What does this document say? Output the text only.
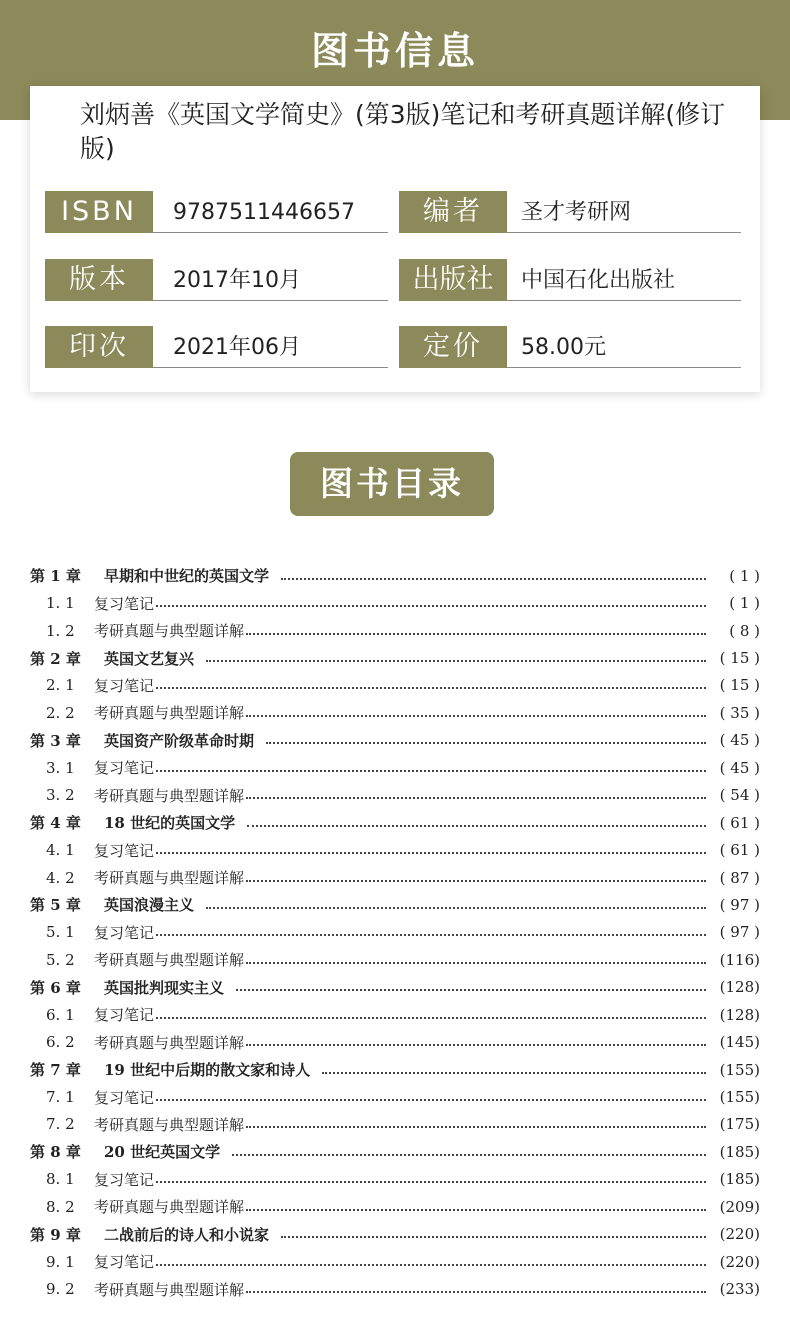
图书信息
刘炳善《英国文学简史》(第3版)笔记和考研真题详解(修订版)
ISBN	9787511446657	编者	圣才考研网
版本	2017年10月	出版社	中国石化出版社
印次	2021年06月	定价	58.00元
图书目录
第 1 章	早期和中世纪的英国文学	( 1 )
1. 1	复习笔记	( 1 )
1. 2	考研真题与典型题详解	( 8 )
第 2 章	英国文艺复兴	( 15 )
2. 1	复习笔记	( 15 )
2. 2	考研真题与典型题详解	( 35 )
第 3 章	英国资产阶级革命时期	( 45 )
3. 1	复习笔记	( 45 )
3. 2	考研真题与典型题详解	( 54 )
第 4 章	18 世纪的英国文学	( 61 )
4. 1	复习笔记	( 61 )
4. 2	考研真题与典型题详解	( 87 )
第 5 章	英国浪漫主义	( 97 )
5. 1	复习笔记	( 97 )
5. 2	考研真题与典型题详解	(116)
第 6 章	英国批判现实主义	(128)
6. 1	复习笔记	(128)
6. 2	考研真题与典型题详解	(145)
第 7 章	19 世纪中后期的散文家和诗人	(155)
7. 1	复习笔记	(155)
7. 2	考研真题与典型题详解	(175)
第 8 章	20 世纪英国文学	(185)
8. 1	复习笔记	(185)
8. 2	考研真题与典型题详解	(209)
第 9 章	二战前后的诗人和小说家	(220)
9. 1	复习笔记	(220)
9. 2	考研真题与典型题详解	(233)
